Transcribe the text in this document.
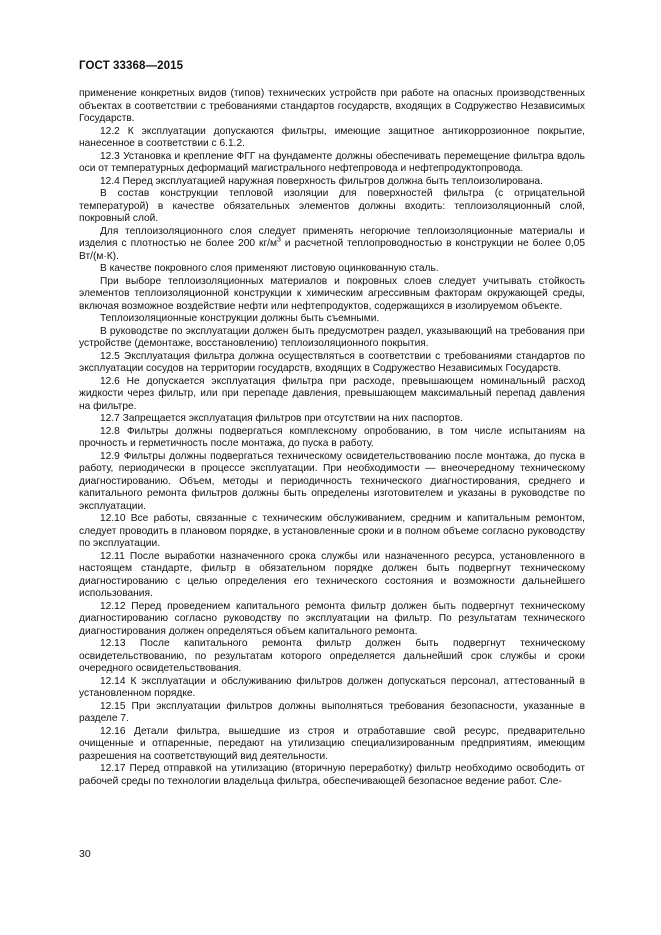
ГОСТ 33368—2015

применение конкретных видов (типов) технических устройств при работе на опасных производственных объектах в соответствии с требованиями стандартов государств, входящих в Содружество Независимых Государств.

12.2 К эксплуатации допускаются фильтры, имеющие защитное антикоррозионное покрытие, нанесенное в соответствии с 6.1.2.

12.3 Установка и крепление ФГГ на фундаменте должны обеспечивать перемещение фильтра вдоль оси от температурных деформаций магистрального нефтепровода и нефтепродуктопровода.

12.4 Перед эксплуатацией наружная поверхность фильтров должна быть теплоизолирована.

В состав конструкции тепловой изоляции для поверхностей фильтра (с отрицательной температурой) в качестве обязательных элементов должны входить: теплоизоляционный слой, покровный слой.

Для теплоизоляционного слоя следует применять негорючие теплоизоляционные материалы и изделия с плотностью не более 200 $кг/м^3$ и расчетной теплопроводностью в конструкции не более 0,05 Вт/(м·К).

В качестве покровного слоя применяют листовую оцинкованную сталь.

При выборе теплоизоляционных материалов и покровных слоев следует учитывать стойкость элементов теплоизоляционной конструкции к химическим агрессивным факторам окружающей среды, включая возможное воздействие нефти или нефтепродуктов, содержащихся в изолируемом объекте.

Теплоизоляционные конструкции должны быть съемными.

В руководстве по эксплуатации должен быть предусмотрен раздел, указывающий на требования при устройстве (демонтаже, восстановлению) теплоизоляционного покрытия.

12.5 Эксплуатация фильтра должна осуществляться в соответствии с требованиями стандартов по эксплуатации сосудов на территории государств, входящих в Содружество Независимых Государств.

12.6 Не допускается эксплуатация фильтра при расходе, превышающем номинальный расход жидкости через фильтр, или при перепаде давления, превышающем максимальный перепад давления на фильтре.

12.7 Запрещается эксплуатация фильтров при отсутствии на них паспортов.

12.8 Фильтры должны подвергаться комплексному опробованию, в том числе испытаниям на прочность и герметичность после монтажа, до пуска в работу.

12.9 Фильтры должны подвергаться техническому освидетельствованию после монтажа, до пуска в работу, периодически в процессе эксплуатации. При необходимости — внеочередному техническому диагностированию. Объем, методы и периодичность технического диагностирования, среднего и капитального ремонта фильтров должны быть определены изготовителем и указаны в руководстве по эксплуатации.

12.10 Все работы, связанные с техническим обслуживанием, средним и капитальным ремонтом, следует проводить в плановом порядке, в установленные сроки и в полном объеме согласно руководству по эксплуатации.

12.11 После выработки назначенного срока службы или назначенного ресурса, установленного в настоящем стандарте, фильтр в обязательном порядке должен быть подвергнут техническому диагностированию с целью определения его технического состояния и возможности дальнейшего использования.

12.12 Перед проведением капитального ремонта фильтр должен быть подвергнут техническому диагностированию согласно руководству по эксплуатации на фильтр. По результатам технического диагностирования должен определяться объем капитального ремонта.

12.13 После капитального ремонта фильтр должен быть подвергнут техническому освидетельствованию, по результатам которого определяется дальнейший срок службы и сроки очередного освидетельствования.

12.14 К эксплуатации и обслуживанию фильтров должен допускаться персонал, аттестованный в установленном порядке.

12.15 При эксплуатации фильтров должны выполняться требования безопасности, указанные в разделе 7.

12.16 Детали фильтра, вышедшие из строя и отработавшие свой ресурс, предварительно очищенные и отпаренные, передают на утилизацию специализированным предприятиям, имеющим разрешения на соответствующий вид деятельности.

12.17 Перед отправкой на утилизацию (вторичную переработку) фильтр необходимо освободить от рабочей среды по технологии владельца фильтра, обеспечивающей безопасное ведение работ. Сле-

30
